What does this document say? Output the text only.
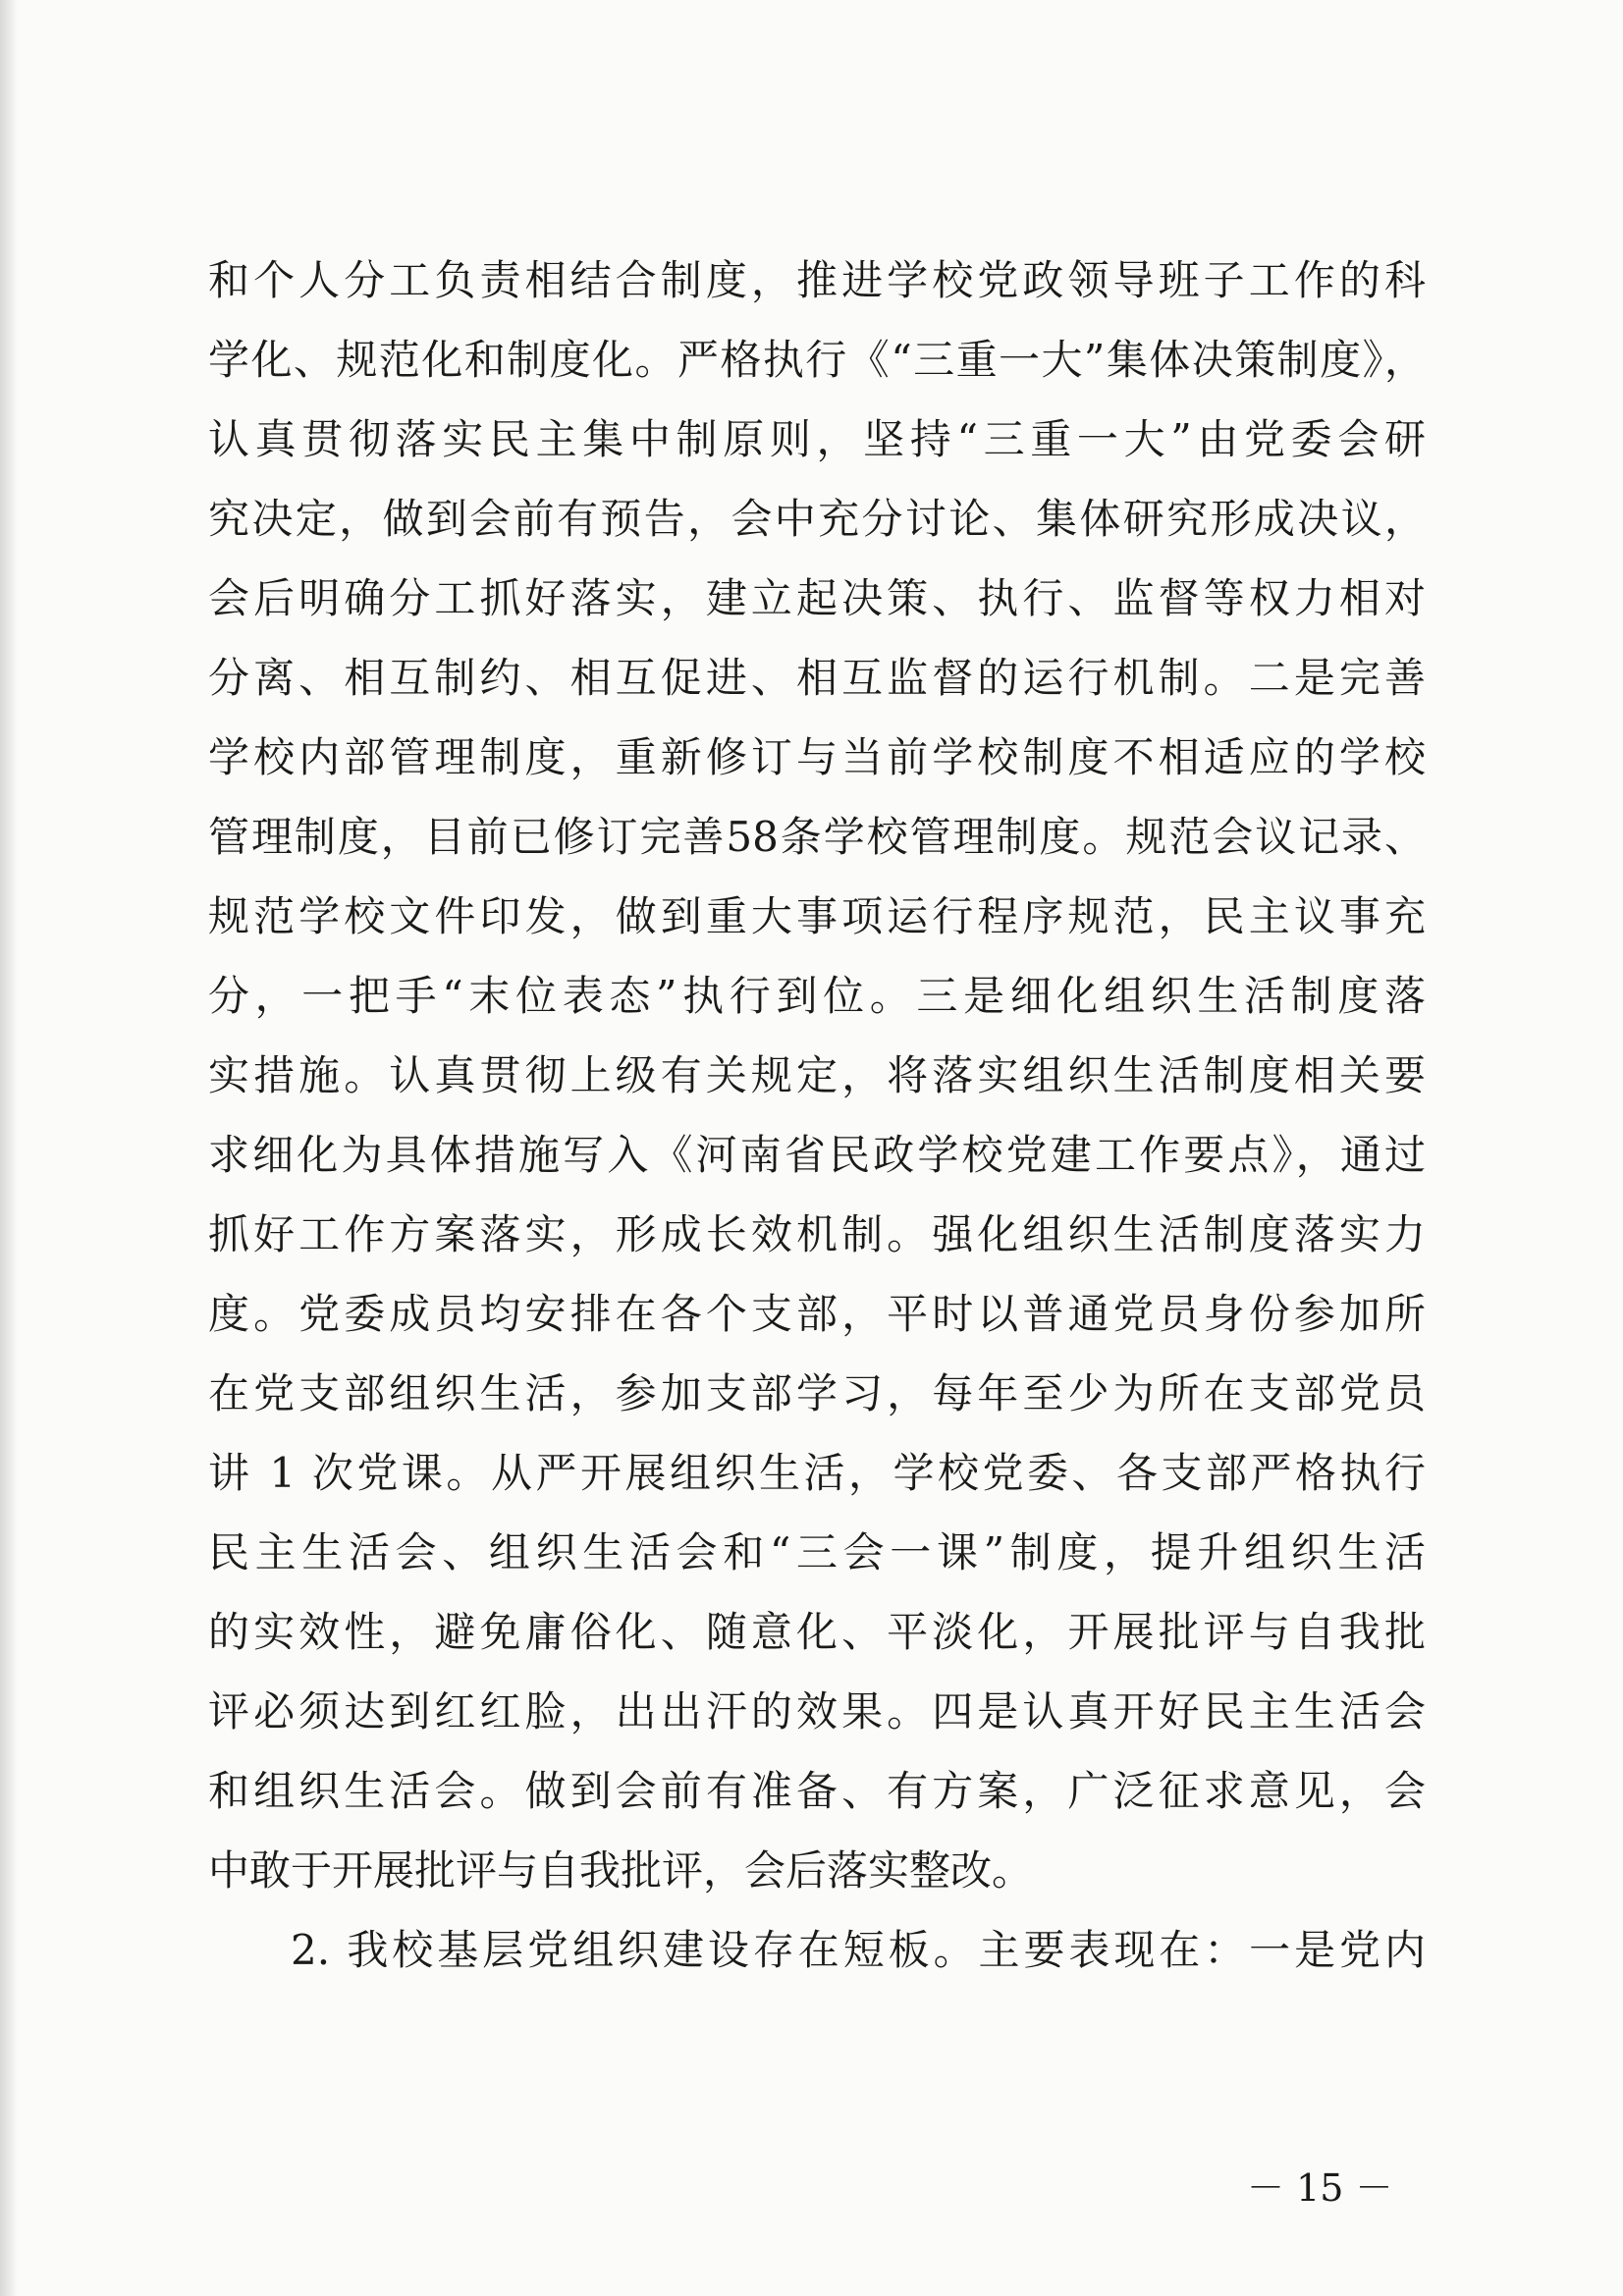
和个人分工负责相结合制度，推进学校党政领导班子工作的科
学化、规范化和制度化。严格执行《“三重一大”集体决策制度》，
认真贯彻落实民主集中制原则，坚持“三重一大”由党委会研
究决定，做到会前有预告，会中充分讨论、集体研究形成决议，
会后明确分工抓好落实，建立起决策、执行、监督等权力相对
分离、相互制约、相互促进、相互监督的运行机制。二是完善
学校内部管理制度，重新修订与当前学校制度不相适应的学校
管理制度，目前已修订完善58条学校管理制度。规范会议记录、
规范学校文件印发，做到重大事项运行程序规范，民主议事充
分，一把手“末位表态”执行到位。三是细化组织生活制度落
实措施。认真贯彻上级有关规定，将落实组织生活制度相关要
求细化为具体措施写入《河南省民政学校党建工作要点》，通过
抓好工作方案落实，形成长效机制。强化组织生活制度落实力
度。党委成员均安排在各个支部，平时以普通党员身份参加所
在党支部组织生活，参加支部学习，每年至少为所在支部党员
讲 1 次党课。从严开展组织生活，学校党委、各支部严格执行
民主生活会、组织生活会和“三会一课”制度，提升组织生活
的实效性，避免庸俗化、随意化、平淡化，开展批评与自我批
评必须达到红红脸，出出汗的效果。四是认真开好民主生活会
和组织生活会。做到会前有准备、有方案，广泛征求意见，会
中敢于开展批评与自我批评，会后落实整改。
2. 我校基层党组织建设存在短板。主要表现在：一是党内
－ 15 －
